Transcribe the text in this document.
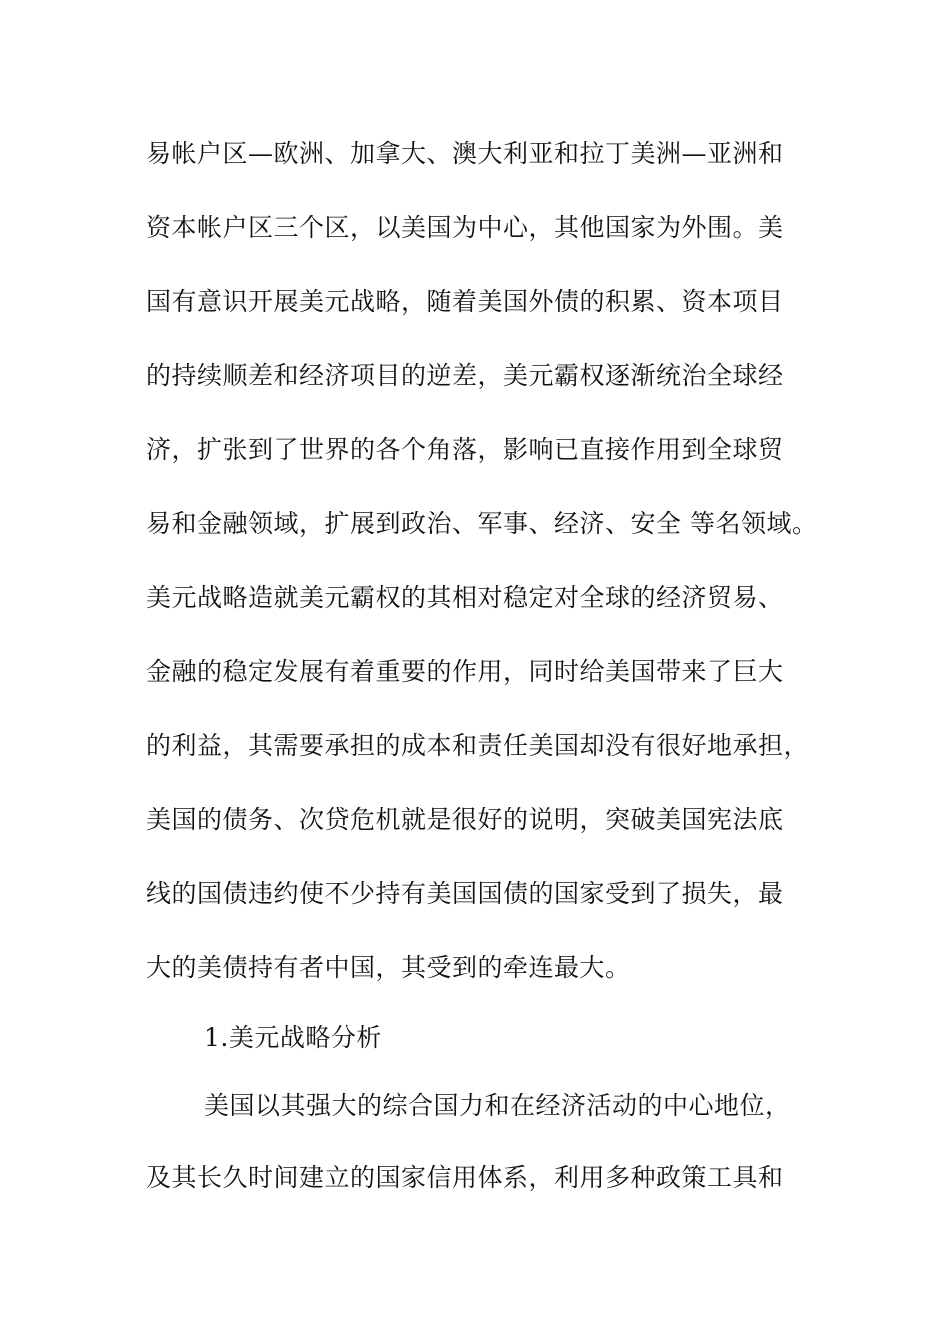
易帐户区—欧洲、加拿大、澳大利亚和拉丁美洲—亚洲和
资本帐户区三个区，以美国为中心，其他国家为外围。美
国有意识开展美元战略，随着美国外债的积累、资本项目
的持续顺差和经济项目的逆差，美元霸权逐渐统治全球经
济，扩张到了世界的各个角落，影响已直接作用到全球贸
易和金融领域，扩展到政治、军事、经济、安全 等名领域。
美元战略造就美元霸权的其相对稳定对全球的经济贸易、
金融的稳定发展有着重要的作用，同时给美国带来了巨大
的利益，其需要承担的成本和责任美国却没有很好地承担，
美国的债务、次贷危机就是很好的说明，突破美国宪法底
线的国债违约使不少持有美国国债的国家受到了损失，最
大的美债持有者中国，其受到的牵连最大。
1.美元战略分析
美国以其强大的综合国力和在经济活动的中心地位，
及其长久时间建立的国家信用体系，利用多种政策工具和
